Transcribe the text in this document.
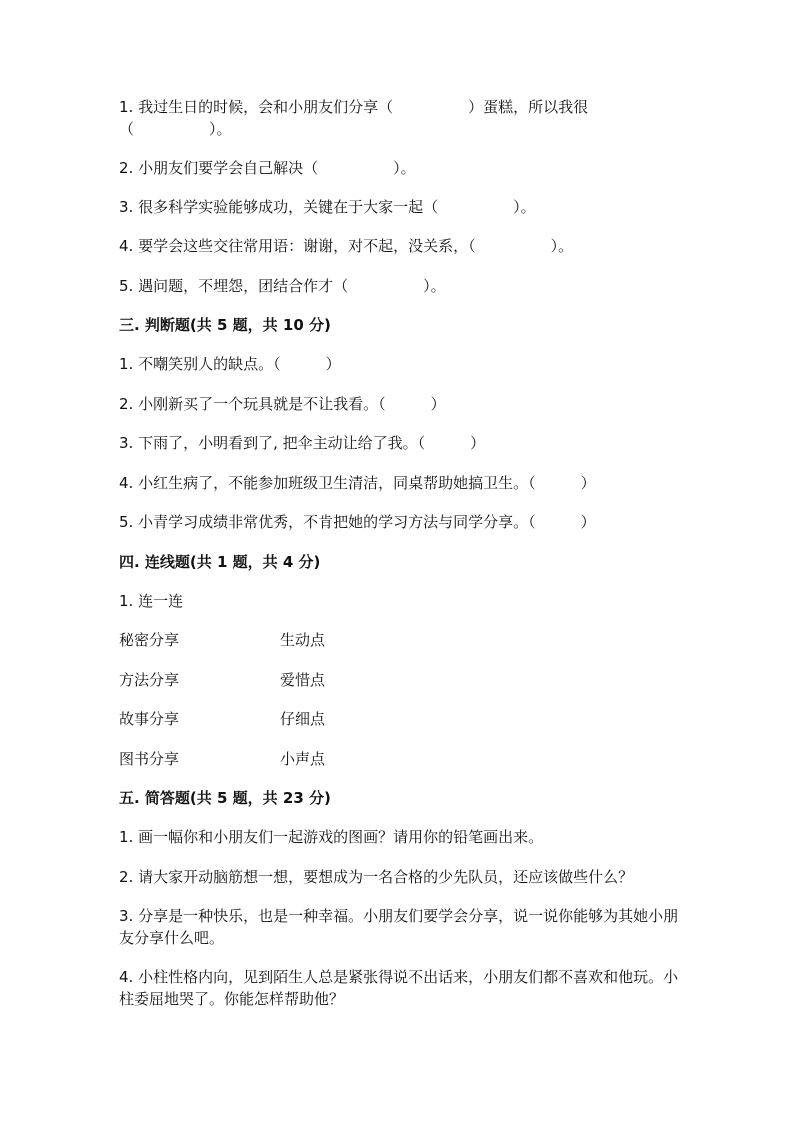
1. 我过生日的时候，会和小朋友们分享（　　　　　）蛋糕，所以我很（　　　　　）。
2. 小朋友们要学会自己解决（　　　　　）。
3. 很多科学实验能够成功，关键在于大家一起（　　　　　）。
4. 要学会这些交往常用语：谢谢，对不起，没关系，（　　　　　）。
5. 遇问题，不埋怨，团结合作才（　　　　　）。
三. 判断题(共 5 题，共 10 分)
1. 不嘲笑别人的缺点。（　　　）
2. 小刚新买了一个玩具就是不让我看。（　　　）
3. 下雨了，小明看到了, 把伞主动让给了我。（　　　）
4. 小红生病了，不能参加班级卫生清洁，同桌帮助她搞卫生。（　　　）
5. 小青学习成绩非常优秀，不肯把她的学习方法与同学分享。（　　　）
四. 连线题(共 1 题，共 4 分)
1. 连一连
秘密分享	生动点
方法分享	爱惜点
故事分享	仔细点
图书分享	小声点
五. 简答题(共 5 题，共 23 分)
1. 画一幅你和小朋友们一起游戏的图画？请用你的铅笔画出来。
2. 请大家开动脑筋想一想，要想成为一名合格的少先队员，还应该做些什么？
3. 分享是一种快乐，也是一种幸福。小朋友们要学会分享，说一说你能够为其她小朋友分享什么吧。
4. 小柱性格内向，见到陌生人总是紧张得说不出话来，小朋友们都不喜欢和他玩。小柱委屈地哭了。你能怎样帮助他？
